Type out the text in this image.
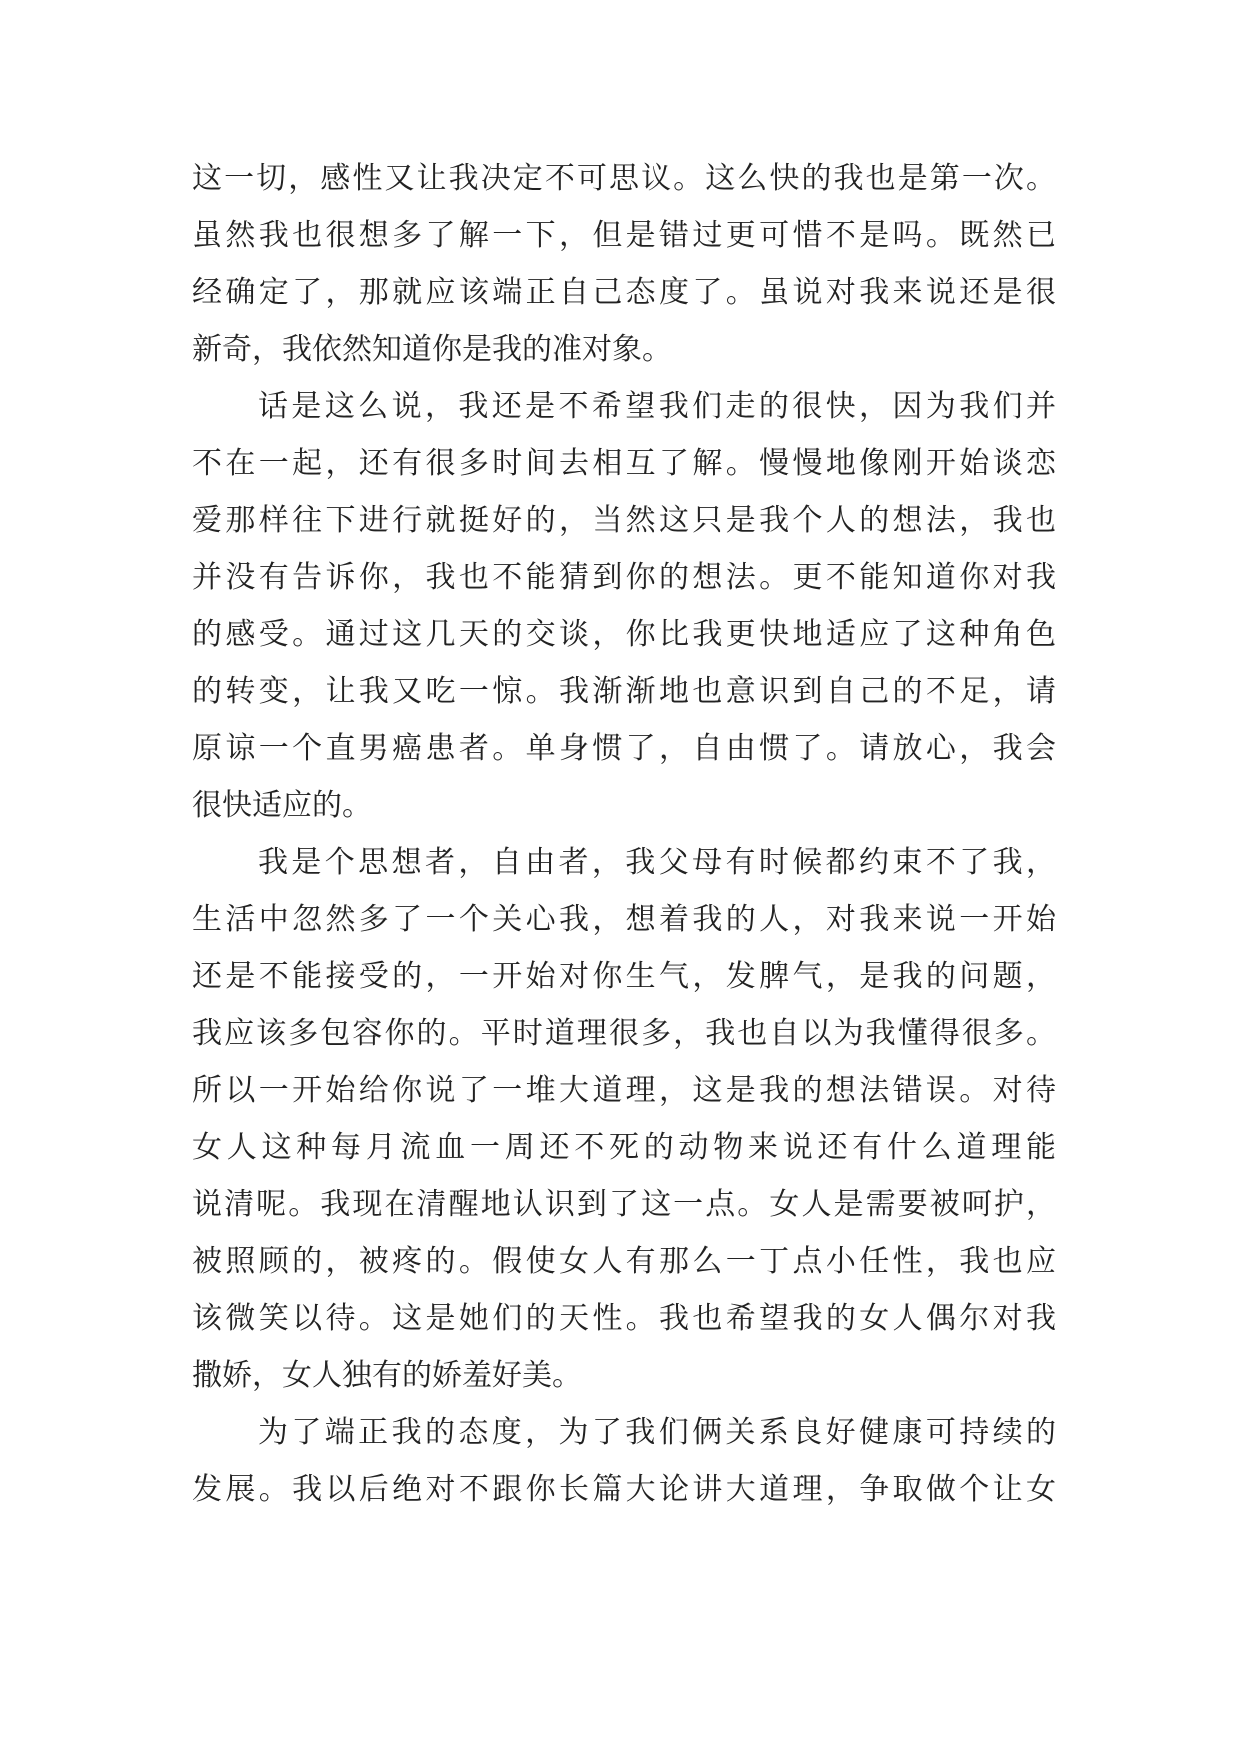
这一切，感性又让我决定不可思议。这么快的我也是第一次。
虽然我也很想多了解一下，但是错过更可惜不是吗。既然已
经确定了，那就应该端正自己态度了。虽说对我来说还是很
新奇，我依然知道你是我的准对象。
话是这么说，我还是不希望我们走的很快，因为我们并
不在一起，还有很多时间去相互了解。慢慢地像刚开始谈恋
爱那样往下进行就挺好的，当然这只是我个人的想法，我也
并没有告诉你，我也不能猜到你的想法。更不能知道你对我
的感受。通过这几天的交谈，你比我更快地适应了这种角色
的转变，让我又吃一惊。我渐渐地也意识到自己的不足，请
原谅一个直男癌患者。单身惯了，自由惯了。请放心，我会
很快适应的。
我是个思想者，自由者，我父母有时候都约束不了我，
生活中忽然多了一个关心我，想着我的人，对我来说一开始
还是不能接受的，一开始对你生气，发脾气，是我的问题，
我应该多包容你的。平时道理很多，我也自以为我懂得很多。
所以一开始给你说了一堆大道理，这是我的想法错误。对待
女人这种每月流血一周还不死的动物来说还有什么道理能
说清呢。我现在清醒地认识到了这一点。女人是需要被呵护，
被照顾的，被疼的。假使女人有那么一丁点小任性，我也应
该微笑以待。这是她们的天性。我也希望我的女人偶尔对我
撒娇，女人独有的娇羞好美。
为了端正我的态度，为了我们俩关系良好健康可持续的
发展。我以后绝对不跟你长篇大论讲大道理，争取做个让女
